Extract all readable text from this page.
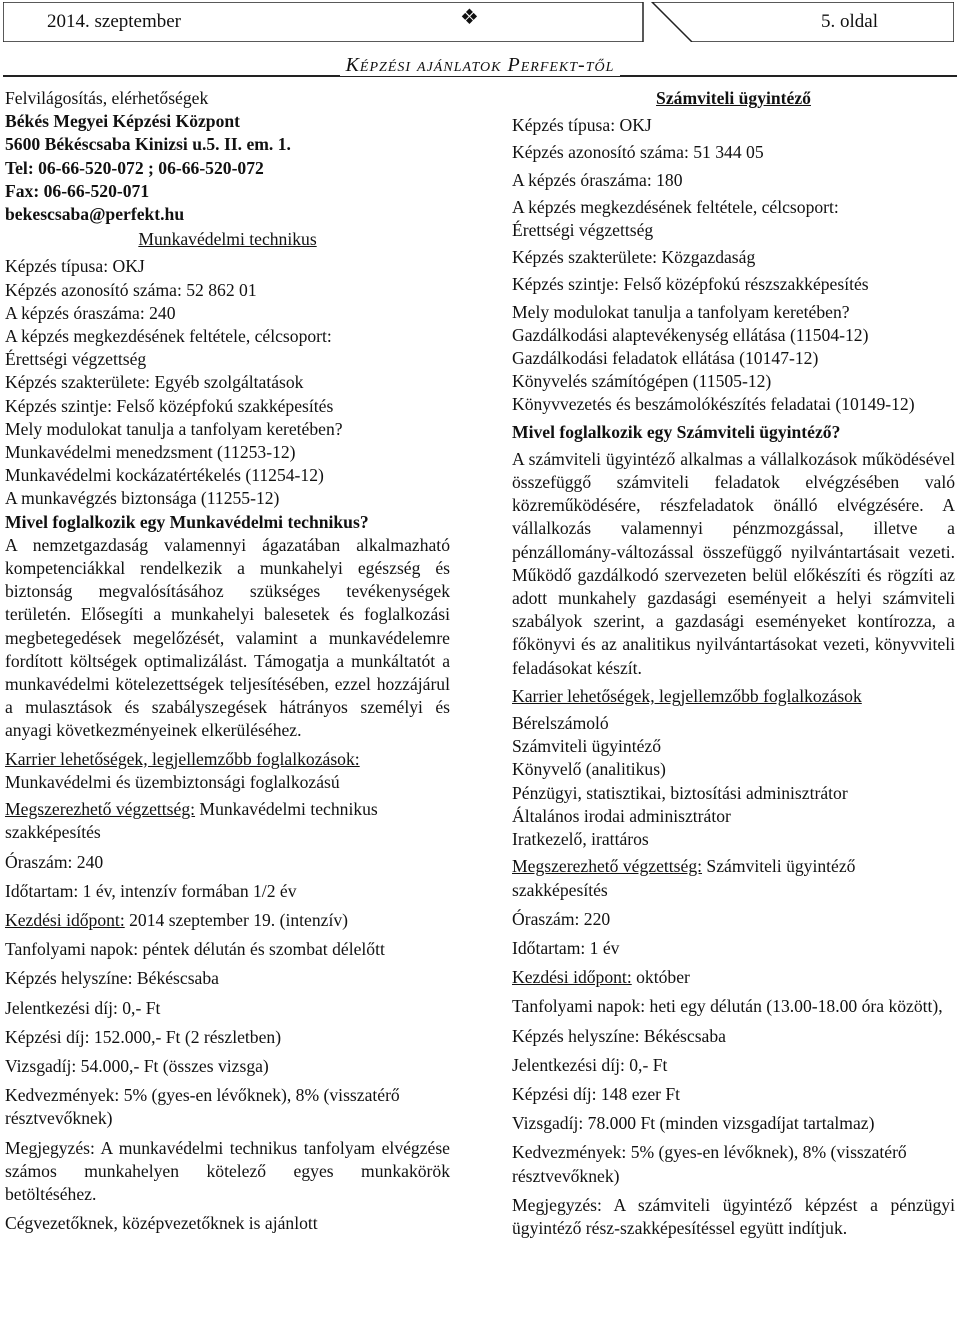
2014. szeptember	❖	5. oldal
Képzési ajánlatok Perfekt-től

Felvilágosítás, elérhetőségek

Békés Megyei Képzési Központ

5600 Békéscsaba Kinizsi u.5. II. em. 1.

Tel: 06-66-520-072 ; 06-66-520-072

Fax: 06-66-520-071

bekescsaba@perfekt.hu

Munkavédelmi technikus

Képzés típusa: OKJ

Képzés azonosító száma: 52 862 01

A képzés óraszáma: 240

A képzés megkezdésének feltétele, célcsoport:

Érettségi végzettség

Képzés szakterülete: Egyéb szolgáltatások

Képzés szintje: Felső középfokú szakképesítés

Mely modulokat tanulja a tanfolyam keretében?

Munkavédelmi menedzsment (11253-12)

Munkavédelmi kockázatértékelés (11254-12)

A munkavégzés biztonsága (11255-12)

Mivel foglalkozik egy Munkavédelmi technikus?

A nemzetgazdaság valamennyi ágazatában alkalmazható kompetenciákkal rendelkezik a munkahelyi egészség és biztonság megvalósításához szükséges tevékenységek területén. Elősegíti a munkahelyi balesetek és foglalkozási megbetegedések megelőzését, valamint a munkavédelemre fordított költségek optimalizálást. Támogatja a munkáltatót a munkavédelmi kötelezettségek teljesítésében, ezzel hozzájárul a mulasztások és szabályszegések hátrányos személyi és anyagi következményeinek elkerüléséhez.

Karrier lehetőségek, legjellemzőbb foglalkozások:

Munkavédelmi és üzembiztonsági foglalkozású

Megszerezhető végzettség: Munkavédelmi technikus szakképesítés

Óraszám: 240

Időtartam: 1 év, intenzív formában 1/2 év

Kezdési időpont: 2014 szeptember 19. (intenzív)

Tanfolyami napok: péntek délután és szombat délelőtt

Képzés helyszíne: Békéscsaba

Jelentkezési díj: 0,- Ft

Képzési díj: 152.000,- Ft (2 részletben)

Vizsgadíj: 54.000,- Ft (összes vizsga)

Kedvezmények: 5% (gyes-en lévőknek), 8% (visszatérő résztvevőknek)

Megjegyzés: A munkavédelmi technikus tanfolyam elvégzése számos munkahelyen kötelező egyes munkakörök betöltéséhez.

Cégvezetőknek, középvezetőknek is ajánlott

Számviteli ügyintéző

Képzés típusa: OKJ

Képzés azonosító száma: 51 344 05

A képzés óraszáma: 180

A képzés megkezdésének feltétele, célcsoport:

Érettségi végzettség

Képzés szakterülete: Közgazdaság

Képzés szintje: Felső középfokú részszakképesítés

Mely modulokat tanulja a tanfolyam keretében?

Gazdálkodási alaptevékenység ellátása (11504-12)

Gazdálkodási feladatok ellátása (10147-12)

Könyvelés számítógépen (11505-12)

Könyvvezetés és beszámolókészítés feladatai (10149-12)

Mivel foglalkozik egy Számviteli ügyintéző?

A számviteli ügyintéző alkalmas a vállalkozások működésével összefüggő számviteli feladatok elvégzésében való közreműködésére, részfeladatok önálló elvégzésére. A vállalkozás valamennyi pénzmozgással, illetve a pénzállomány-változással összefüggő nyilvántartásait vezeti. Működő gazdálkodó szervezeten belül előkészíti és rögzíti az adott munkahely gazdasági eseményeit a helyi számviteli szabályok szerint, a gazdasági eseményeket kontírozza, a főkönyvi és az analitikus nyilvántartásokat vezeti, könyvviteli feladásokat készít.

Karrier lehetőségek, legjellemzőbb foglalkozások

Bérelszámoló

Számviteli ügyintéző

Könyvelő (analitikus)

Pénzügyi, statisztikai, biztosítási adminisztrátor

Általános irodai adminisztrátor

Iratkezelő, irattáros

Megszerezhető végzettség: Számviteli ügyintéző szakképesítés

Óraszám: 220

Időtartam: 1 év

Kezdési időpont: október

Tanfolyami napok: heti egy délután (13.00-18.00 óra között),

Képzés helyszíne: Békéscsaba

Jelentkezési díj: 0,- Ft

Képzési díj: 148 ezer Ft

Vizsgadíj: 78.000 Ft (minden vizsgadíjat tartalmaz)

Kedvezmények: 5% (gyes-en lévőknek), 8% (visszatérő résztvevőknek)

Megjegyzés: A számviteli ügyintéző képzést a pénzügyi ügyintéző rész-szakképesítéssel együtt indítjuk.
